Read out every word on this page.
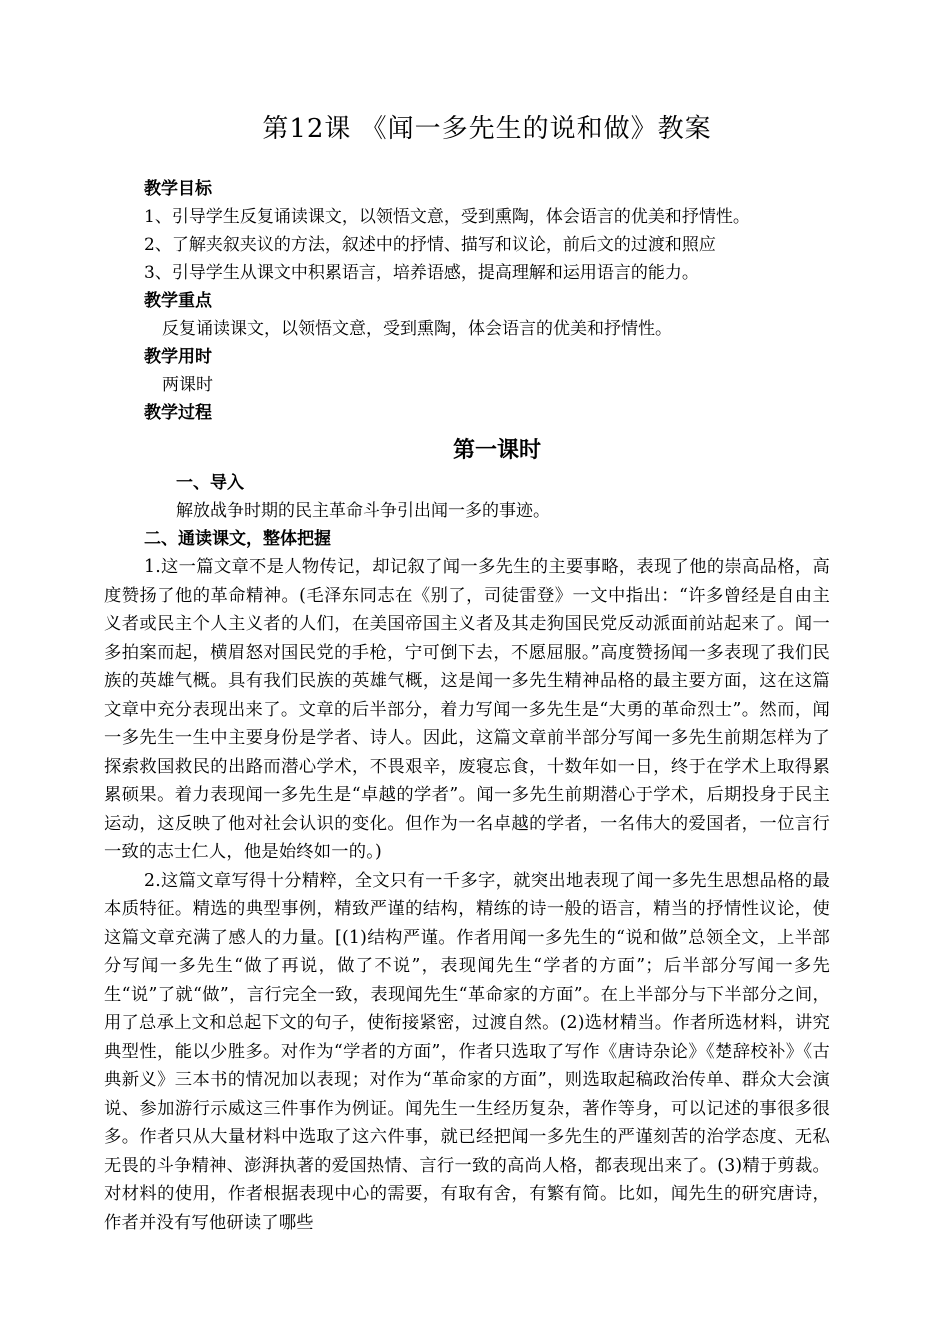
第12课 《闻一多先生的说和做》教案

教学目标

1、引导学生反复诵读课文，以领悟文意，受到熏陶，体会语言的优美和抒情性。

2、了解夹叙夹议的方法，叙述中的抒情、描写和议论，前后文的过渡和照应

3、引导学生从课文中积累语言，培养语感，提高理解和运用语言的能力。

教学重点

反复诵读课文，以领悟文意，受到熏陶，体会语言的优美和抒情性。

教学用时

两课时

教学过程

第一课时

一、导入

解放战争时期的民主革命斗争引出闻一多的事迹。

二、通读课文，整体把握

1.这一篇文章不是人物传记，却记叙了闻一多先生的主要事略，表现了他的崇高品格，高度赞扬了他的革命精神。(毛泽东同志在《别了，司徒雷登》一文中指出：“许多曾经是自由主义者或民主个人主义者的人们，在美国帝国主义者及其走狗国民党反动派面前站起来了。闻一多拍案而起，横眉怒对国民党的手枪，宁可倒下去，不愿屈服。”高度赞扬闻一多表现了我们民族的英雄气概。具有我们民族的英雄气概，这是闻一多先生精神品格的最主要方面，这在这篇文章中充分表现出来了。文章的后半部分，着力写闻一多先生是“大勇的革命烈士”。然而，闻一多先生一生中主要身份是学者、诗人。因此，这篇文章前半部分写闻一多先生前期怎样为了探索救国救民的出路而潜心学术，不畏艰辛，废寝忘食，十数年如一日，终于在学术上取得累累硕果。着力表现闻一多先生是“卓越的学者”。闻一多先生前期潜心于学术，后期投身于民主运动，这反映了他对社会认识的变化。但作为一名卓越的学者，一名伟大的爱国者，一位言行一致的志士仁人，他是始终如一的。)

2.这篇文章写得十分精粹，全文只有一千多字，就突出地表现了闻一多先生思想品格的最本质特征。精选的典型事例，精致严谨的结构，精练的诗一般的语言，精当的抒情性议论，使这篇文章充满了感人的力量。[(1)结构严谨。作者用闻一多先生的“说和做”总领全文，上半部分写闻一多先生“做了再说，做了不说”，表现闻先生“学者的方面”；后半部分写闻一多先生“说”了就“做”，言行完全一致，表现闻先生“革命家的方面”。在上半部分与下半部分之间，用了总承上文和总起下文的句子，使衔接紧密，过渡自然。(2)选材精当。作者所选材料，讲究典型性，能以少胜多。对作为“学者的方面”，作者只选取了写作《唐诗杂论》《楚辞校补》《古典新义》三本书的情况加以表现；对作为“革命家的方面”，则选取起稿政治传单、群众大会演说、参加游行示威这三件事作为例证。闻先生一生经历复杂，著作等身，可以记述的事很多很多。作者只从大量材料中选取了这六件事，就已经把闻一多先生的严谨刻苦的治学态度、无私无畏的斗争精神、澎湃执著的爱国热情、言行一致的高尚人格，都表现出来了。(3)精于剪裁。对材料的使用，作者根据表现中心的需要，有取有舍，有繁有简。比如，闻先生的研究唐诗，作者并没有写他研读了哪些
